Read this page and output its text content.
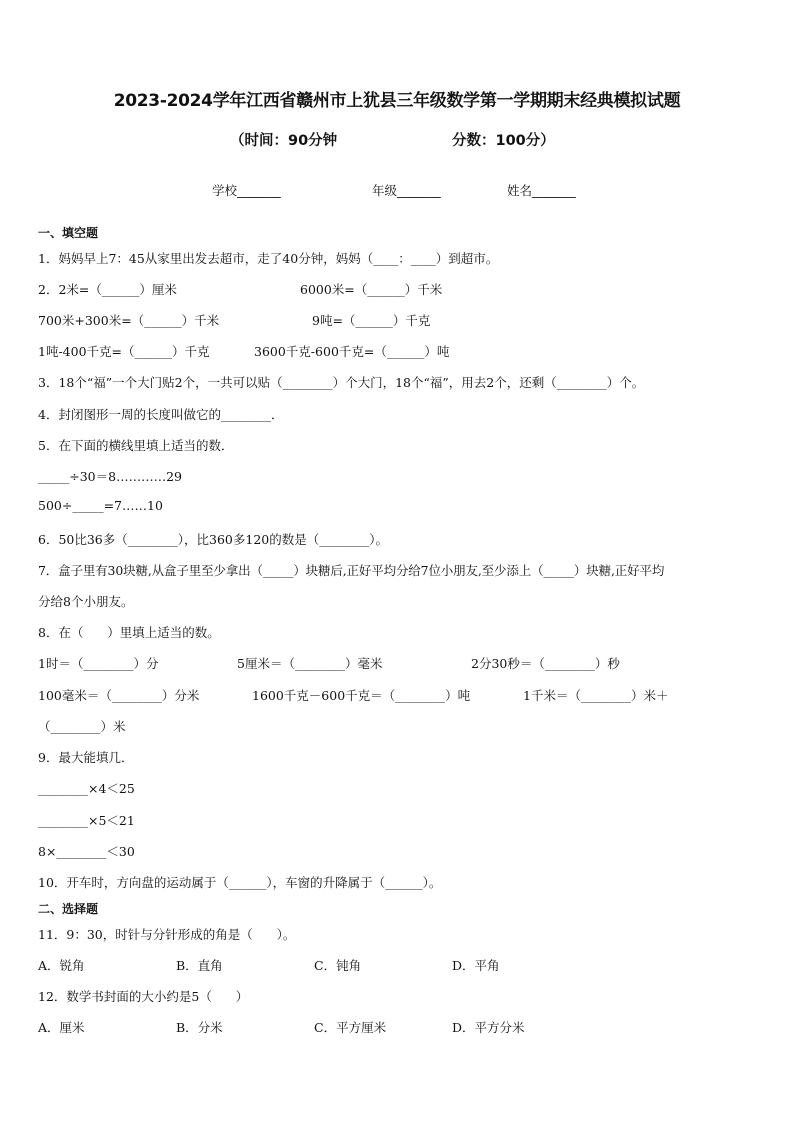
2023-2024学年江西省赣州市上犹县三年级数学第一学期期末经典模拟试题
（时间：90分钟	分数：100分）
学校_______	年级_______	姓名_______
一、填空题
1．妈妈早上7：45从家里出发去超市，走了40分钟，妈妈（____：____）到超市。
2．2米=（______）厘米	6000米=（______）千米
700米+300米=（______）千米	9吨=（______）千克
1吨-400千克=（______）千克	3600千克-600千克=（______）吨
3．18个“福”一个大门贴2个，一共可以贴（________）个大门，18个“福”，用去2个，还剩（________）个。
4．封闭图形一周的长度叫做它的________．
5．在下面的横线里填上适当的数．
_____÷30＝8…………29
500÷_____=7……10
6．50比36多（________），比360多120的数是（________）。
7．盒子里有30块糖,从盒子里至少拿出（_____）块糖后,正好平均分给7位小朋友,至少添上（_____）块糖,正好平均
分给8个小朋友。
8．在（      ）里填上适当的数。
1时＝（________）分	5厘米＝（________）毫米	2分30秒＝（________）秒
100毫米＝（________）分米	1600千克－600千克＝（________）吨	1千米＝（________）米＋
（________）米
9．最大能填几．
________×4＜25
________×5＜21
8×________＜30
10．开车时，方向盘的运动属于（______），车窗的升降属于（______）。
二、选择题
11．9：30，时针与分针形成的角是（      ）。
A．锐角	B．直角	C．钝角	D．平角
12．数学书封面的大小约是5（      ）
A．厘米	B．分米	C．平方厘米	D．平方分米
